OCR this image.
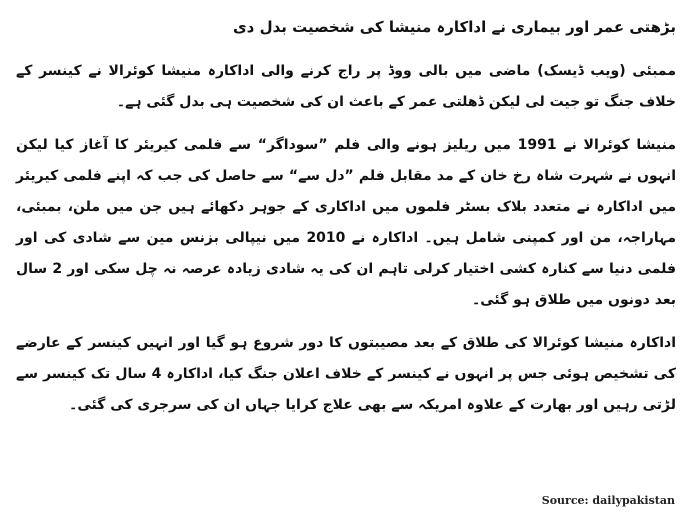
بڑھتی عمر اور بیماری نے اداکارہ منیشا کی شخصیت بدل دی

ممبئی (ویب ڈیسک) ماضی میں بالی ووڈ پر راج کرنے والی اداکارہ منیشا کوئرالا نے کینسر کے خلاف جنگ تو جیت لی لیکن ڈھلتی عمر کے باعث ان کی شخصیت ہی بدل گئی ہے۔

منیشا کوئرالا نے 1991 میں ریلیز ہونے والی فلم ”سوداگر“ سے فلمی کیریئر کا آغاز کیا لیکن انہوں نے شہرت شاہ رخ خان کے مد مقابل فلم ”دل سے“ سے حاصل کی جب کہ اپنے فلمی کیریئر میں اداکارہ نے متعدد بلاک بسٹر فلموں میں اداکاری کے جوہر دکھائے ہیں جن میں ملن، بمبئی، مہاراجہ، من اور کمپنی شامل ہیں۔ اداکارہ نے 2010 میں نیپالی بزنس مین سے شادی کی اور فلمی دنیا سے کنارہ کشی اختیار کرلی تاہم ان کی یہ شادی زیادہ عرصہ نہ چل سکی اور 2 سال بعد دونوں میں طلاق ہو گئی۔

اداکارہ منیشا کوئرالا کی طلاق کے بعد مصیبتوں کا دور شروع ہو گیا اور انہیں کینسر کے عارضے کی تشخیص ہوئی جس پر انہوں نے کینسر کے خلاف اعلان جنگ کیا، اداکارہ 4 سال تک کینسر سے لڑتی رہیں اور بھارت کے علاوہ امریکہ سے بھی علاج کرایا جہاں ان کی سرجری کی گئی۔

Source: dailypakistan
